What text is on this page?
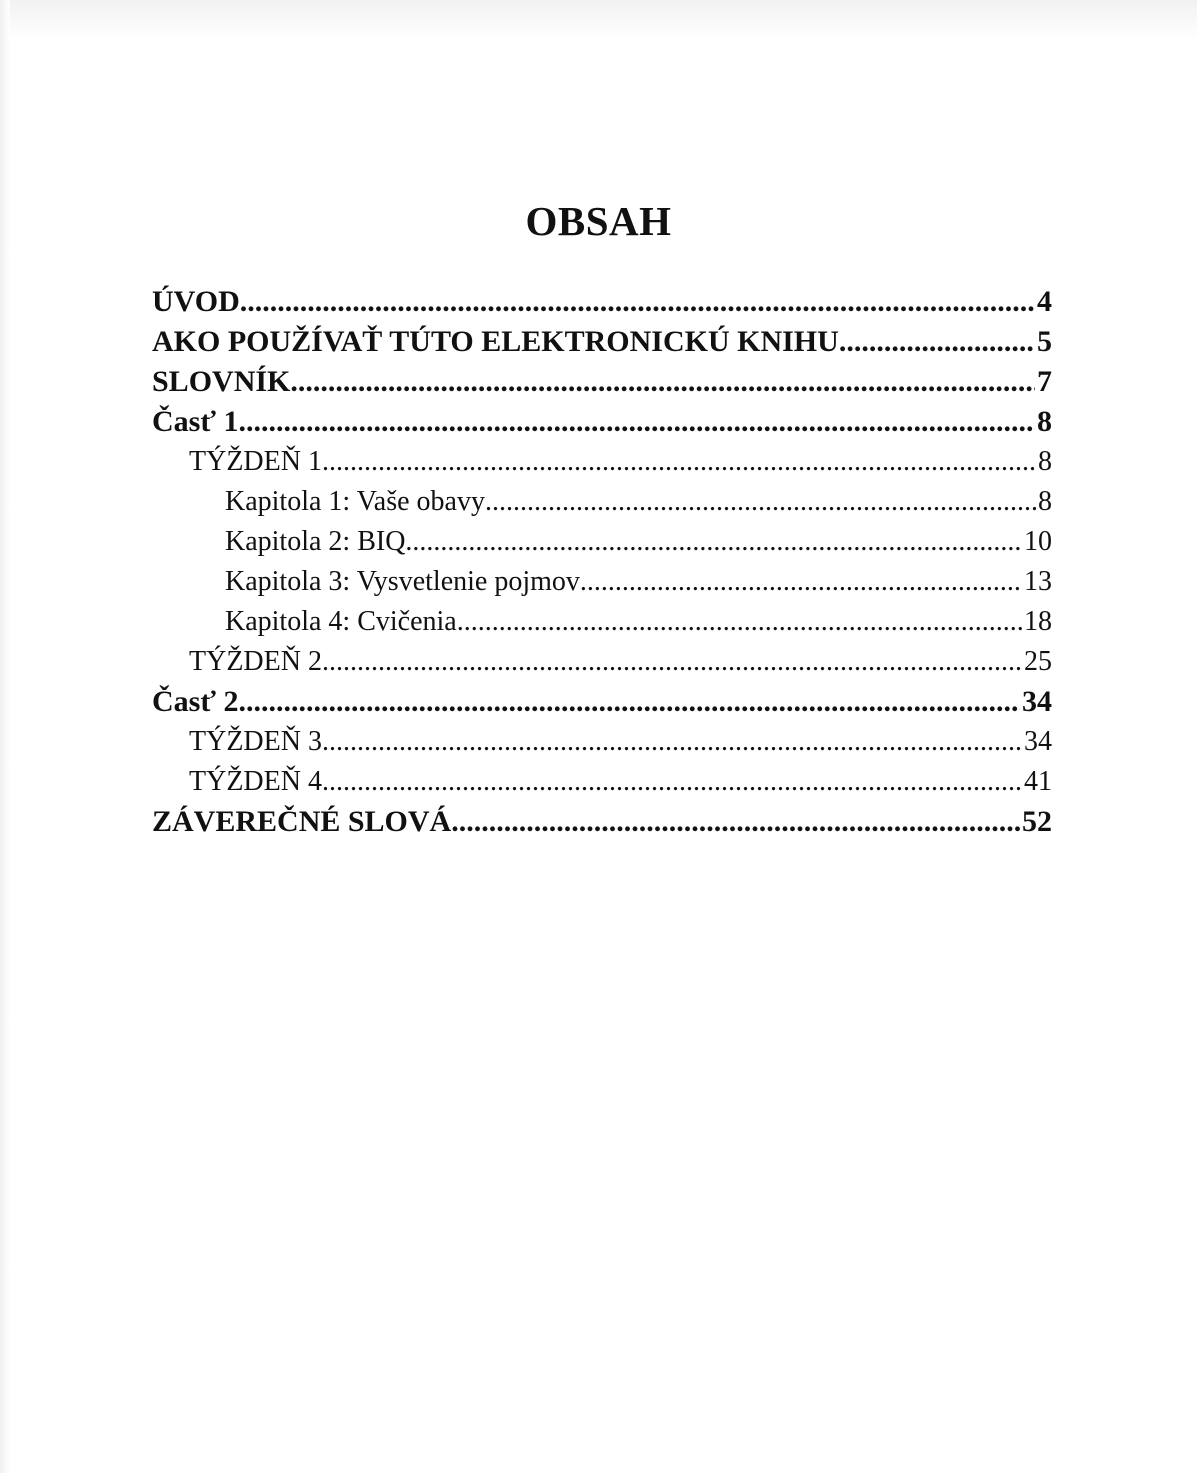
OBSAH
ÚVOD .....	4
AKO POUŽÍVAŤ TÚTO ELEKTRONICKÚ KNIHU .....	5
SLOVNÍK .....	7
Časť 1 .....	8
TÝŽDEŇ 1 .....	8
Kapitola 1: Vaše obavy .....	8
Kapitola 2: BIQ .....	10
Kapitola 3: Vysvetlenie pojmov .....	13
Kapitola 4: Cvičenia .....	18
TÝŽDEŇ 2 .....	25
Časť 2 .....	34
TÝŽDEŇ 3 .....	34
TÝŽDEŇ 4 .....	41
ZÁVEREČNÉ SLOVÁ .....	52
